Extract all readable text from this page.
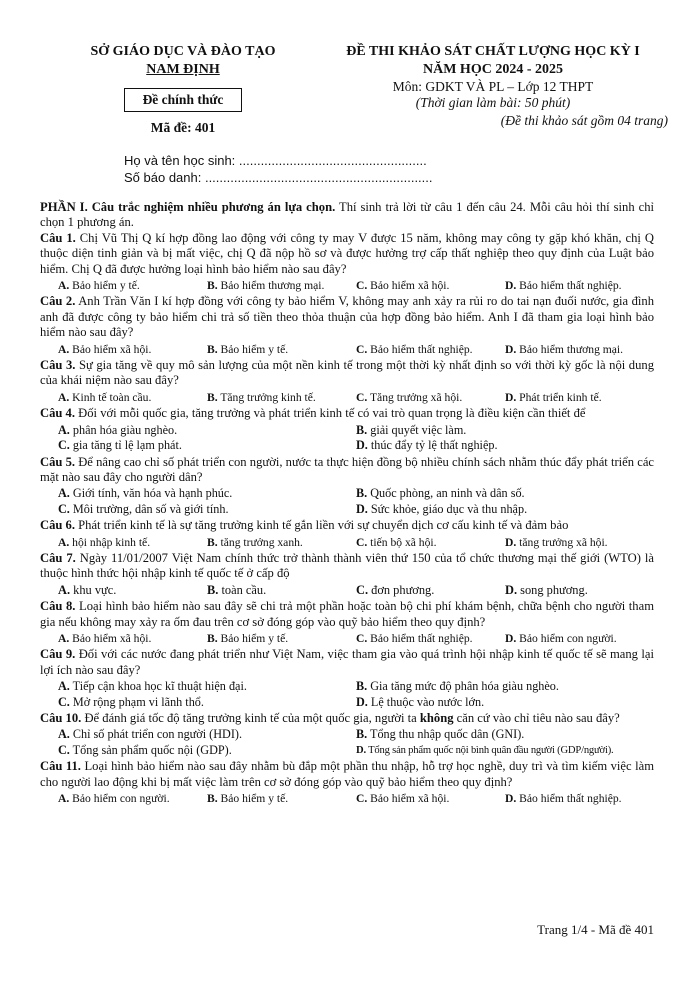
SỞ GIÁO DỤC VÀ ĐÀO TẠO
NAM ĐỊNH
Đề chính thức
Mã đề: 401
ĐỀ THI KHẢO SÁT CHẤT LƯỢNG HỌC KỲ I
NĂM HỌC 2024 - 2025
Môn: GDKT VÀ PL – Lớp 12 THPT
(Thời gian làm bài: 50 phút)
(Đề thi khảo sát gồm 04 trang)
Họ và tên học sinh: ....................................................
Số báo danh: ...............................................................

PHẦN I. Câu trắc nghiệm nhiều phương án lựa chọn. Thí sinh trả lời từ câu 1 đến câu 24. Mỗi câu hỏi thí sinh chỉ chọn 1 phương án.

Câu 1. Chị Vũ Thị Q kí hợp đồng lao động với công ty may V được 15 năm, không may công ty gặp khó khăn, chị Q thuộc diện tinh giản và bị mất việc, chị Q đã nộp hồ sơ và được hưởng trợ cấp thất nghiệp theo quy định của Luật bảo hiểm. Chị Q đã được hưởng loại hình bảo hiểm nào sau đây?

A. Bảo hiểm y tế.	B. Bảo hiểm thương mại.	C. Bảo hiểm xã hội.	D. Bảo hiểm thất nghiệp.

Câu 2. Anh Trần Văn I kí hợp đồng với công ty bảo hiểm V, không may anh xảy ra rủi ro do tai nạn đuối nước, gia đình anh đã được công ty bảo hiểm chi trả số tiền theo thỏa thuận của hợp đồng bảo hiểm. Anh I đã tham gia loại hình bảo hiểm nào sau đây?

A. Bảo hiểm xã hội.	B. Bảo hiểm y tế.	C. Bảo hiểm thất nghiệp.	D. Bảo hiểm thương mại.

Câu 3. Sự gia tăng về quy mô sản lượng của một nền kinh tế trong một thời kỳ nhất định so với thời kỳ gốc là nội dung của khái niệm nào sau đây?

A. Kinh tế toàn cầu.	B. Tăng trưởng kinh tế.	C. Tăng trưởng xã hội.	D. Phát triển kinh tế.

Câu 4. Đối với mỗi quốc gia, tăng trưởng và phát triển kinh tế có vai trò quan trọng là điều kiện cần thiết để

A. phân hóa giàu nghèo.	B. giải quyết việc làm.
C. gia tăng tỉ lệ lạm phát.	D. thúc đẩy tỷ lệ thất nghiệp.

Câu 5. Để nâng cao chỉ số phát triển con người, nước ta thực hiện đồng bộ nhiều chính sách nhằm thúc đẩy phát triển các mặt nào sau đây cho người dân?

A. Giới tính, văn hóa và hạnh phúc.	B. Quốc phòng, an ninh và dân số.
C. Môi trường, dân số và giới tính.	D. Sức khỏe, giáo dục và thu nhập.

Câu 6. Phát triển kinh tế là sự tăng trưởng kinh tế gắn liền với sự chuyển dịch cơ cấu kinh tế và đảm bảo

A. hội nhập kinh tế.	B. tăng trưởng xanh.	C. tiến bộ xã hội.	D. tăng trưởng xã hội.

Câu 7. Ngày 11/01/2007 Việt Nam chính thức trở thành thành viên thứ 150 của tổ chức thương mại thế giới (WTO) là thuộc hình thức hội nhập kinh tế quốc tế ở cấp độ

A. khu vực.	B. toàn cầu.	C. đơn phương.	D. song phương.

Câu 8. Loại hình bảo hiểm nào sau đây sẽ chi trả một phần hoặc toàn bộ chi phí khám bệnh, chữa bệnh cho người tham gia nếu không may xảy ra ốm đau trên cơ sở đóng góp vào quỹ bảo hiểm theo quy định?

A. Bảo hiểm xã hội.	B. Bảo hiểm y tế.	C. Bảo hiểm thất nghiệp.	D. Bảo hiểm con người.

Câu 9. Đối với các nước đang phát triển như Việt Nam, việc tham gia vào quá trình hội nhập kinh tế quốc tế sẽ mang lại lợi ích nào sau đây?

A. Tiếp cận khoa học kĩ thuật hiện đại.	B. Gia tăng mức độ phân hóa giàu nghèo.
C. Mở rộng phạm vi lãnh thổ.	D. Lệ thuộc vào nước lớn.

Câu 10. Để đánh giá tốc độ tăng trưởng kinh tế của một quốc gia, người ta không căn cứ vào chỉ tiêu nào sau đây?

A. Chỉ số phát triển con người (HDI).	B. Tổng thu nhập quốc dân (GNI).
C. Tổng sản phẩm quốc nội (GDP).	D. Tổng sản phẩm quốc nội bình quân đầu người (GDP/người).

Câu 11. Loại hình bảo hiểm nào sau đây nhằm bù đắp một phần thu nhập, hỗ trợ học nghề, duy trì và tìm kiếm việc làm cho người lao động khi bị mất việc làm trên cơ sở đóng góp vào quỹ bảo hiểm theo quy định?

A. Bảo hiểm con người.	B. Bảo hiểm y tế.	C. Bảo hiểm xã hội.	D. Bảo hiểm thất nghiệp.
Trang 1/4 - Mã đề 401
